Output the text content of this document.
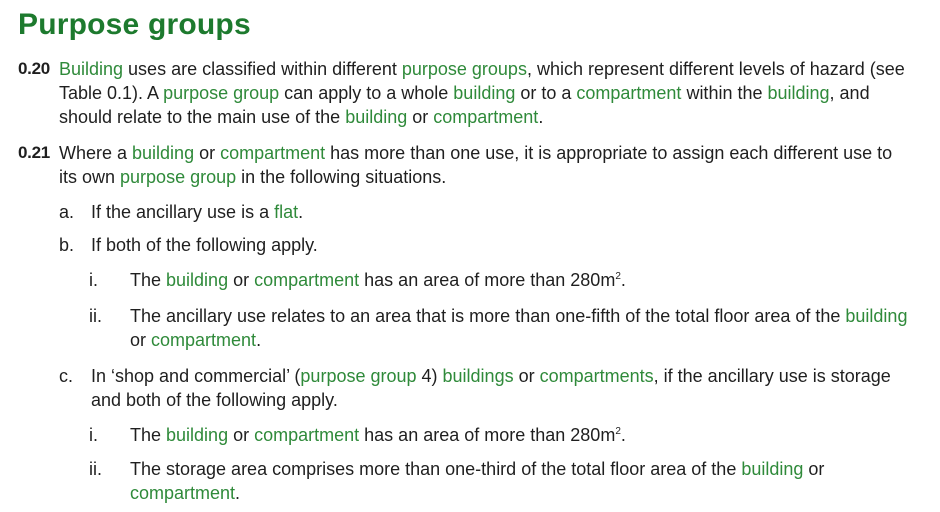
Purpose groups
0.20 Building uses are classified within different purpose groups, which represent different levels of hazard (see Table 0.1). A purpose group can apply to a whole building or to a compartment within the building, and should relate to the main use of the building or compartment.
0.21 Where a building or compartment has more than one use, it is appropriate to assign each different use to its own purpose group in the following situations.
a. If the ancillary use is a flat.
b. If both of the following apply.
i. The building or compartment has an area of more than $280m^2$.
ii. The ancillary use relates to an area that is more than one-fifth of the total floor area of the building or compartment.
c. In ‘shop and commercial’ (purpose group 4) buildings or compartments, if the ancillary use is storage and both of the following apply.
i. The building or compartment has an area of more than $280m^2$.
ii. The storage area comprises more than one-third of the total floor area of the building or compartment.
